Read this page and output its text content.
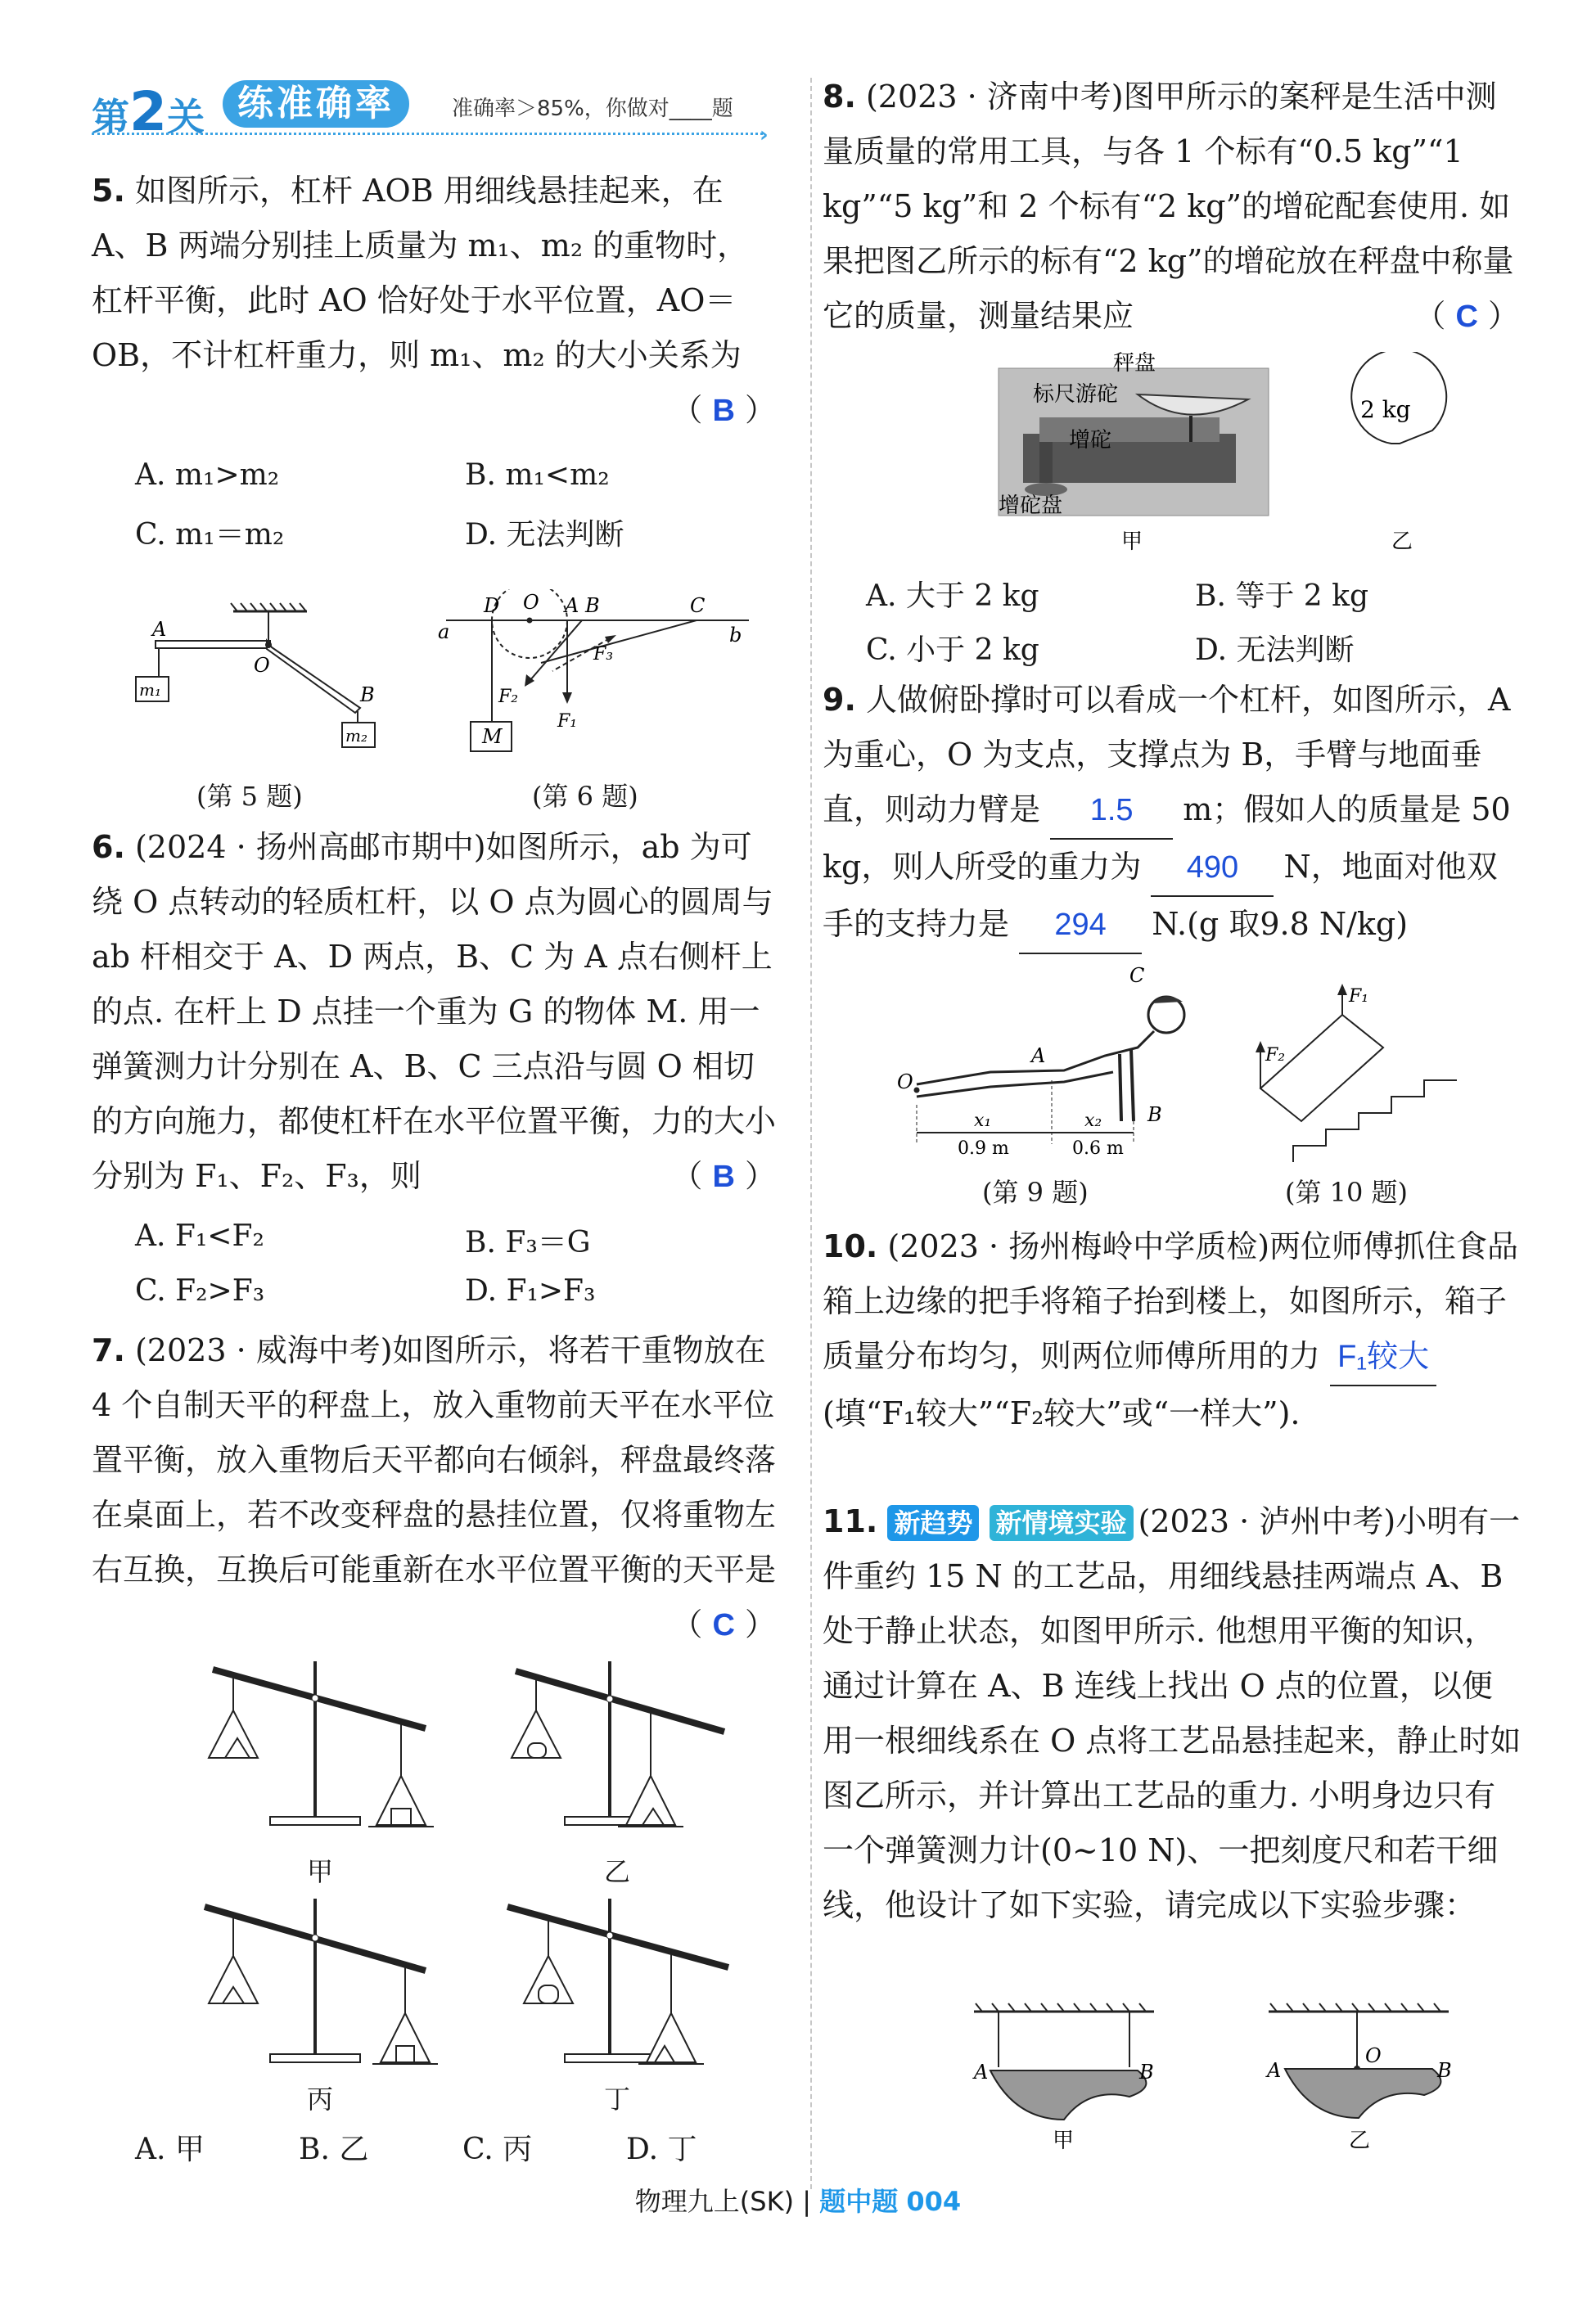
第2关 练准确率	准确率＞85%，你做对____题
›
5. 如图所示，杠杆 AOB 用细线悬挂起来，在 A、B 两端分别挂上质量为 m₁、m₂ 的重物时，杠杆平衡，此时 AO 恰好处于水平位置，AO＝OB，不计杠杆重力，则 m₁、m₂ 的大小关系为
（ B ）
A. m₁>m₂	B. m₁<m₂
C. m₁＝m₂	D. 无法判断
A
O
B
m₁
m₂
(第 5 题)
a	b
D O A B	C
M
F₁
F₂
F₃
(第 6 题)
6. (2024 · 扬州高邮市期中)如图所示，ab 为可绕 O 点转动的轻质杠杆，以 O 点为圆心的圆周与 ab 杆相交于 A、D 两点，B、C 为 A 点右侧杆上的点. 在杆上 D 点挂一个重为 G 的物体 M. 用一弹簧测力计分别在 A、B、C 三点沿与圆 O 相切的方向施力，都使杠杆在水平位置平衡，力的大小分别为 F₁、F₂、F₃，则	（ B ）
A. F₁<F₂	B. F₃＝G
C. F₂>F₃	D. F₁>F₃
7. (2023 · 威海中考)如图所示，将若干重物放在 4 个自制天平的秤盘上，放入重物前天平在水平位置平衡，放入重物后天平都向右倾斜，秤盘最终落在桌面上，若不改变秤盘的悬挂位置，仅将重物左右互换，互换后可能重新在水平位置平衡的天平是
（ C ）
甲	乙
丙	丁
A. 甲	B. 乙	C. 丙	D. 丁
8. (2023 · 济南中考)图甲所示的案秤是生活中测量质量的常用工具，与各 1 个标有“0.5 kg”“1 kg”“5 kg”和 2 个标有“2 kg”的增砣配套使用. 如果把图乙所示的标有“2 kg”的增砣放在秤盘中称量它的质量，测量结果应	（ C ）
秤盘
标尺游砣
增砣
增砣盘
2 kg
甲	乙
A. 大于 2 kg	B. 等于 2 kg
C. 小于 2 kg	D. 无法判断
9. 人做俯卧撑时可以看成一个杠杆，如图所示，A 为重心，O 为支点，支撑点为 B，手臂与地面垂直，则动力臂是 1.5 m；假如人的质量是 50 kg，则人所受的重力为 490 N，地面对他双手的支持力是 294 N.(g 取9.8 N/kg)
O
A
C
B
x₁	x₂
0.9 m	0.6 m
(第 9 题)
F₁
F₂
(第 10 题)
10. (2023 · 扬州梅岭中学质检)两位师傅抓住食品箱上边缘的把手将箱子抬到楼上，如图所示，箱子质量分布均匀，则两位师傅所用的力 F₁较大(填“F₁较大”“F₂较大”或“一样大”).
11. 新趋势 新情境实验 (2023 · 泸州中考)小明有一件重约 15 N 的工艺品，用细线悬挂两端点 A、B 处于静止状态，如图甲所示. 他想用平衡的知识，通过计算在 A、B 连线上找出 O 点的位置，以便用一根细线系在 O 点将工艺品悬挂起来，静止时如图乙所示，并计算出工艺品的重力. 小明身边只有一个弹簧测力计(0~10 N)、一把刻度尺和若干细线，他设计了如下实验，请完成以下实验步骤：
A	B
O
A	B
甲	乙
物理九上(SK) | 题中题 004
